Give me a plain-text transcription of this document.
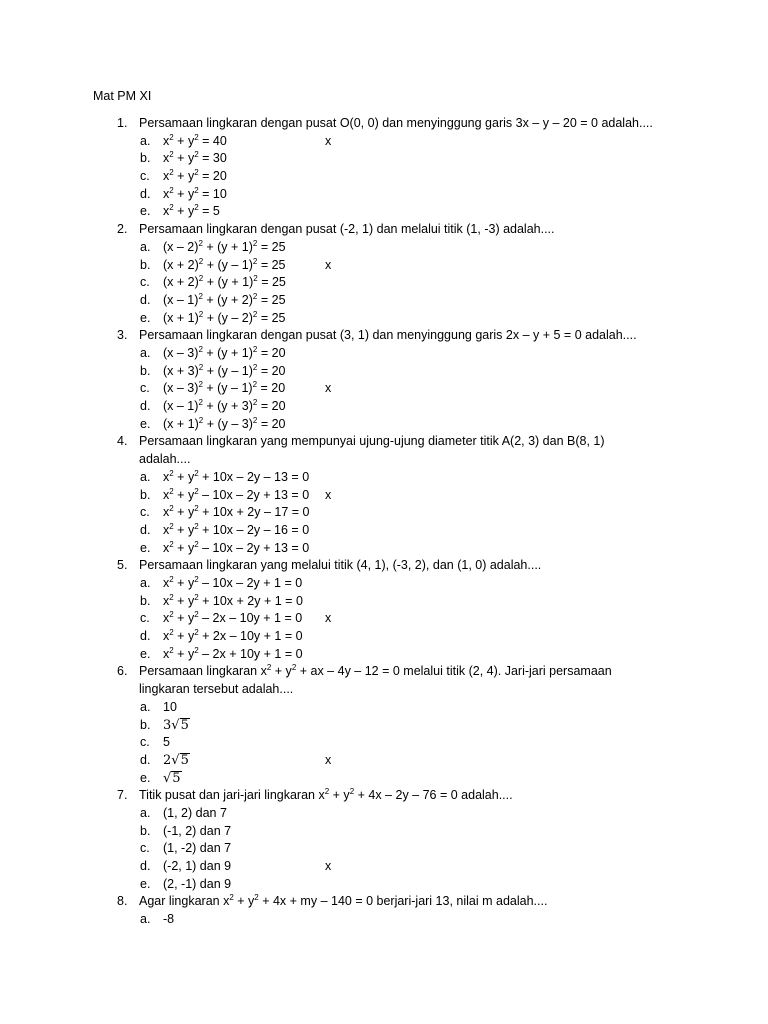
Mat PM XI
1. Persamaan lingkaran dengan pusat O(0, 0) dan menyinggung garis 3x – y – 20 = 0 adalah....
a.	$x^2 + y^2 = 40$	x
b.	$x^2 + y^2 = 30$
c.	$x^2 + y^2 = 20$
d.	$x^2 + y^2 = 10$
e.	$x^2 + y^2 = 5$
2. Persamaan lingkaran dengan pusat (-2, 1) dan melalui titik (1, -3) adalah....
a.	$(x - 2)^2 + (y + 1)^2 = 25$
b.	$(x + 2)^2 + (y - 1)^2 = 25$	x
c.	$(x + 2)^2 + (y + 1)^2 = 25$
d.	$(x - 1)^2 + (y + 2)^2 = 25$
e.	$(x + 1)^2 + (y - 2)^2 = 25$
3. Persamaan lingkaran dengan pusat (3, 1) dan menyinggung garis 2x – y + 5 = 0 adalah....
a.	$(x - 3)^2 + (y + 1)^2 = 20$
b.	$(x + 3)^2 + (y - 1)^2 = 20$
c.	(x – 3)$^2$ + (y – 1)$^2$ = 20	x
d.	$(x - 1)^2 + (y + 3)^2 = 20$
e.	$(x + 1)^2 + (y - 3)^2 = 20$
4. Persamaan lingkaran yang mempunyai ujung-ujung diameter titik A(2, 3) dan B(8, 1)
adalah....
a.	$x^2 + y^2 + 10x - 2y - 13 = 0$
b.	$x^2 + y^2 - 10x - 2y + 13 = 0$	x
c.	$x^2 + y^2 + 10x + 2y - 17 = 0$
d.	$x^2 + y^2 + 10x - 2y - 16 = 0$
e.	$x^2 + y^2 - 10x - 2y + 13 = 0$
5. Persamaan lingkaran yang melalui titik (4, 1), (-3, 2), dan (1, 0) adalah....
a.	$x^2 + y^2 - 10x - 2y + 1 = 0$
b.	$x^2 + y^2 + 10x + 2y + 1 = 0$
c.	$x^2 + y^2 - 2x - 10y + 1 = 0$	x
d.	$x^2 + y^2 + 2x - 10y + 1 = 0$
e.	$x^2 + y^2 - 2x + 10y + 1 = 0$
6. Persamaan lingkaran $x^2 + y^2$ + ax – 4y – 12 = 0 melalui titik (2, 4). Jari-jari persamaan
lingkaran tersebut adalah....
a.	10
b. 3√5
c.	5
d. 2√5	x
e. √5
7. Titik pusat dan jari-jari lingkaran $x^2 + y^2 + 4x - 2y - 76 = 0$ adalah....
a.	(1, 2) dan 7
b.	(-1, 2) dan 7
c.	(1, -2) dan 7
d.	(-2, 1) dan 9	x
e.	(2, -1) dan 9
8. Agar lingkaran $x^2 + y^2 + 4x$ + my – 140 = 0 berjari-jari 13, nilai m adalah....
a.	-8
